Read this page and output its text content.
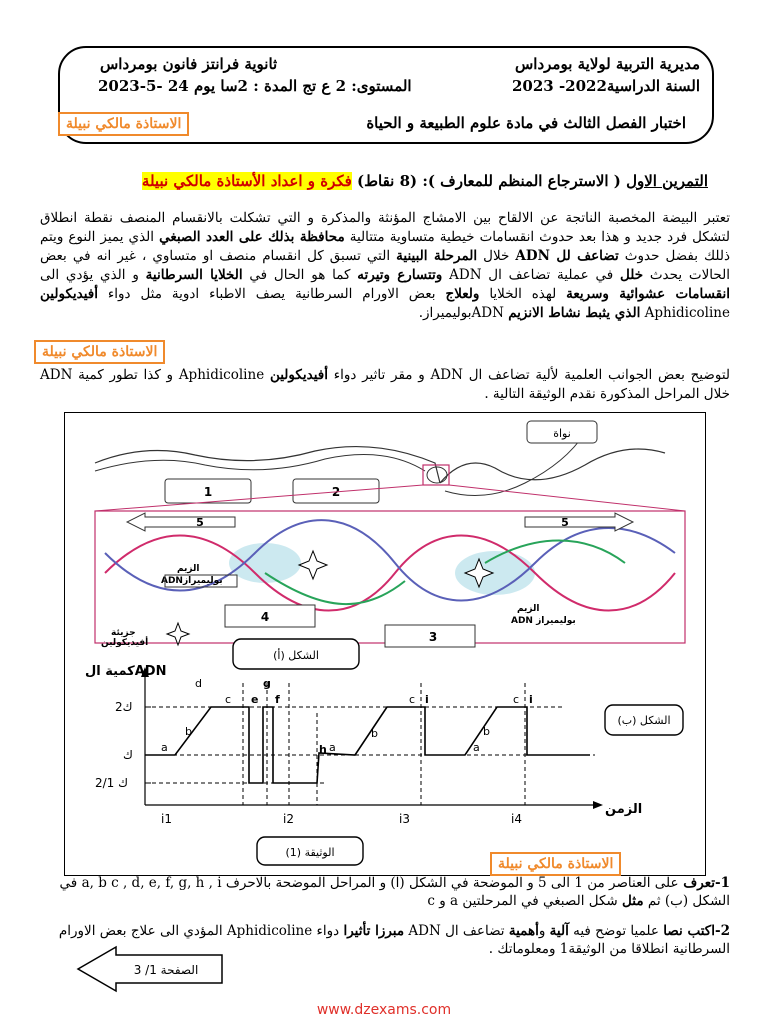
مديرية التربية لولاية بومرداس
ثانوية فرانتز فانون بومرداس
السنة الدراسية2022- 2023
المستوى: 2 ع تج المدة : 2سا يوم 24 -5-2023
اختبار الفصل الثالث في مادة علوم الطبيعة و الحياة
الاستاذة مالكي نبيلة
التمرين الاول ( الاسترجاع المنظم للمعارف ): (8 نقاط) فكرة و اعداد الأستاذة مالكي نبيلة
تعتبر البيضة المخصبة الناتجة عن الالقاح بين الامشاج المؤنثة والمذكرة و التي تشكلت بالانقسام المنصف نقطة انطلاق لتشكل فرد جديد و هذا بعد حدوث انقسامات خيطية متساوية متتالية محافظة بذلك على العدد الصبغي الذي يميز النوع ويتم ذللك بفضل حدوث تضاعف لل ADN خلال المرحلة البينية التي تسبق كل انقسام منصف او متساوي ، غير انه في بعض الحالات يحدث خلل في عملية تضاعف ال ADN وتتسارع وتيرته كما هو الحال في الخلايا السرطانية و الذي يؤدي الى انقسامات عشوائية وسريعة لهذه الخلايا ولعلاج بعض الاورام السرطانية يصف الاطباء ادوية مثل دواء أفيديكولين Aphidicoline الذي يثبط نشاط الانزيم ADNبوليميراز.
الاستاذة مالكي نبيلة
لتوضيح بعض الجوانب العلمية لألية تضاعف ال ADN و مقر تاثير دواء أفيديكولين Aphidicoline و كذا تطور كمية ADN خلال المراحل المذكورة نقدم الوثيقة التالية .
نواة
1
5	5
الزيم
ADNبوليميراز
الزيم
ADN بوليميراز
4
3
جزيئة
أفيديكولين
الشكل (أ)
الشكل (ب)
الوثيقة (1)
كمية الADN
الزمن
2ك
ك
2/1 ك
i1	i2	i3	i4
a
b
c
d
e f
g
h a
b
c i
a
b
c i
الاستاذة مالكي نبيلة
1-تعرف على العناصر من 1 الى 5 و الموضحة في الشكل (ا) و المراحل الموضحة بالاحرف a, b c , d, e, f, g, h , i في الشكل (ب) ثم مثل شكل الصبغي في المرحلتين a و c
2-اكتب نصا علميا توضح فيه آلية وأهمية تضاعف ال ADN مبرزا تأثيرا دواء Aphidicoline المؤدي الى علاج بعض الاورام السرطانية انطلاقا من الوثيقة1 ومعلوماتك .
الصفحة 1/ 3
www.dzexams.com
